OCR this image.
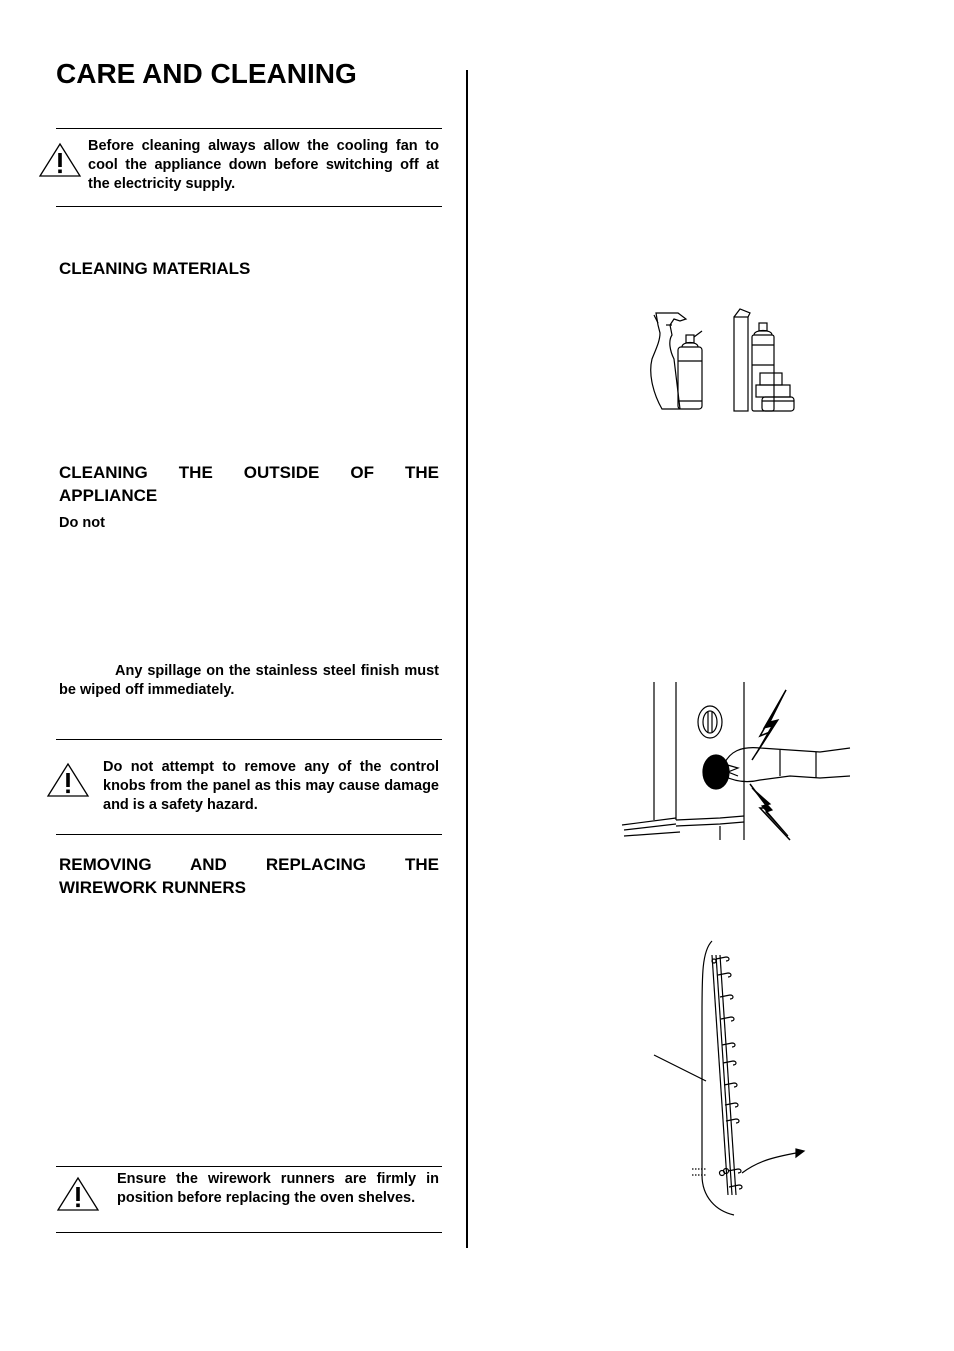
CARE AND CLEANING
Before cleaning always allow the cooling fan to cool the appliance down before switching off at the electricity supply.
CLEANING MATERIALS
CLEANING THE OUTSIDE OF THE
APPLIANCE
Do not
Any spillage on the stainless steel finish must be wiped off immediately.
Do not attempt to remove any of the control knobs from the panel as this may cause damage and is a safety hazard.
REMOVING AND REPLACING THE
WIREWORK RUNNERS
Ensure the wirework runners are firmly in position before replacing the oven shelves.
